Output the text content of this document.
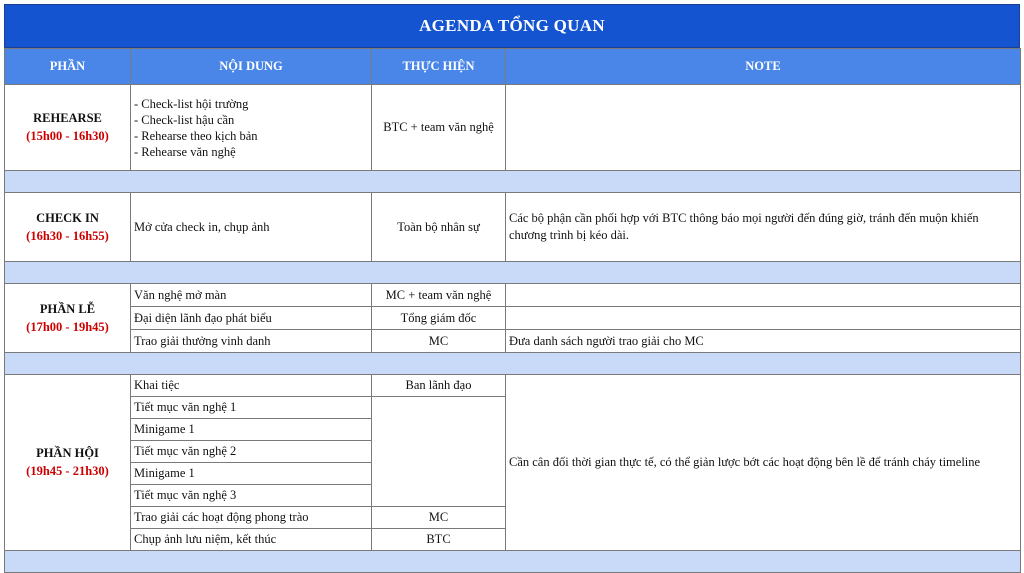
AGENDA TỔNG QUAN
PHẦN	NỘI DUNG	THỰC HIỆN	NOTE
REHEARSE
(15h00 - 16h30)	- Check-list hội trường
- Check-list hậu cần
- Rehearse theo kịch bản
- Rehearse văn nghệ	BTC + team văn nghệ	

CHECK IN
(16h30 - 16h55)	Mở cửa check in, chụp ảnh	Toàn bộ nhân sự	Các bộ phận cần phối hợp với BTC thông báo mọi người đến đúng giờ, tránh đến muộn khiến chương trình bị kéo dài.

PHẦN LỄ
(17h00 - 19h45)	Văn nghệ mở màn	MC + team văn nghệ	
	Đại diện lãnh đạo phát biểu	Tổng giám đốc	
	Trao giải thưởng vinh danh	MC	Đưa danh sách người trao giải cho MC

PHẦN HỘI
(19h45 - 21h30)	Khai tiệc	Ban lãnh đạo	Cần cân đối thời gian thực tế, có thể giản lược bớt các hoạt động bên lề để tránh cháy timeline
	Tiết mục văn nghệ 1		
	Minigame 1		
	Tiết mục văn nghệ 2		
	Minigame 1		
	Tiết mục văn nghệ 3		
	Trao giải các hoạt động phong trào	MC	
	Chụp ảnh lưu niệm, kết thúc	BTC	
